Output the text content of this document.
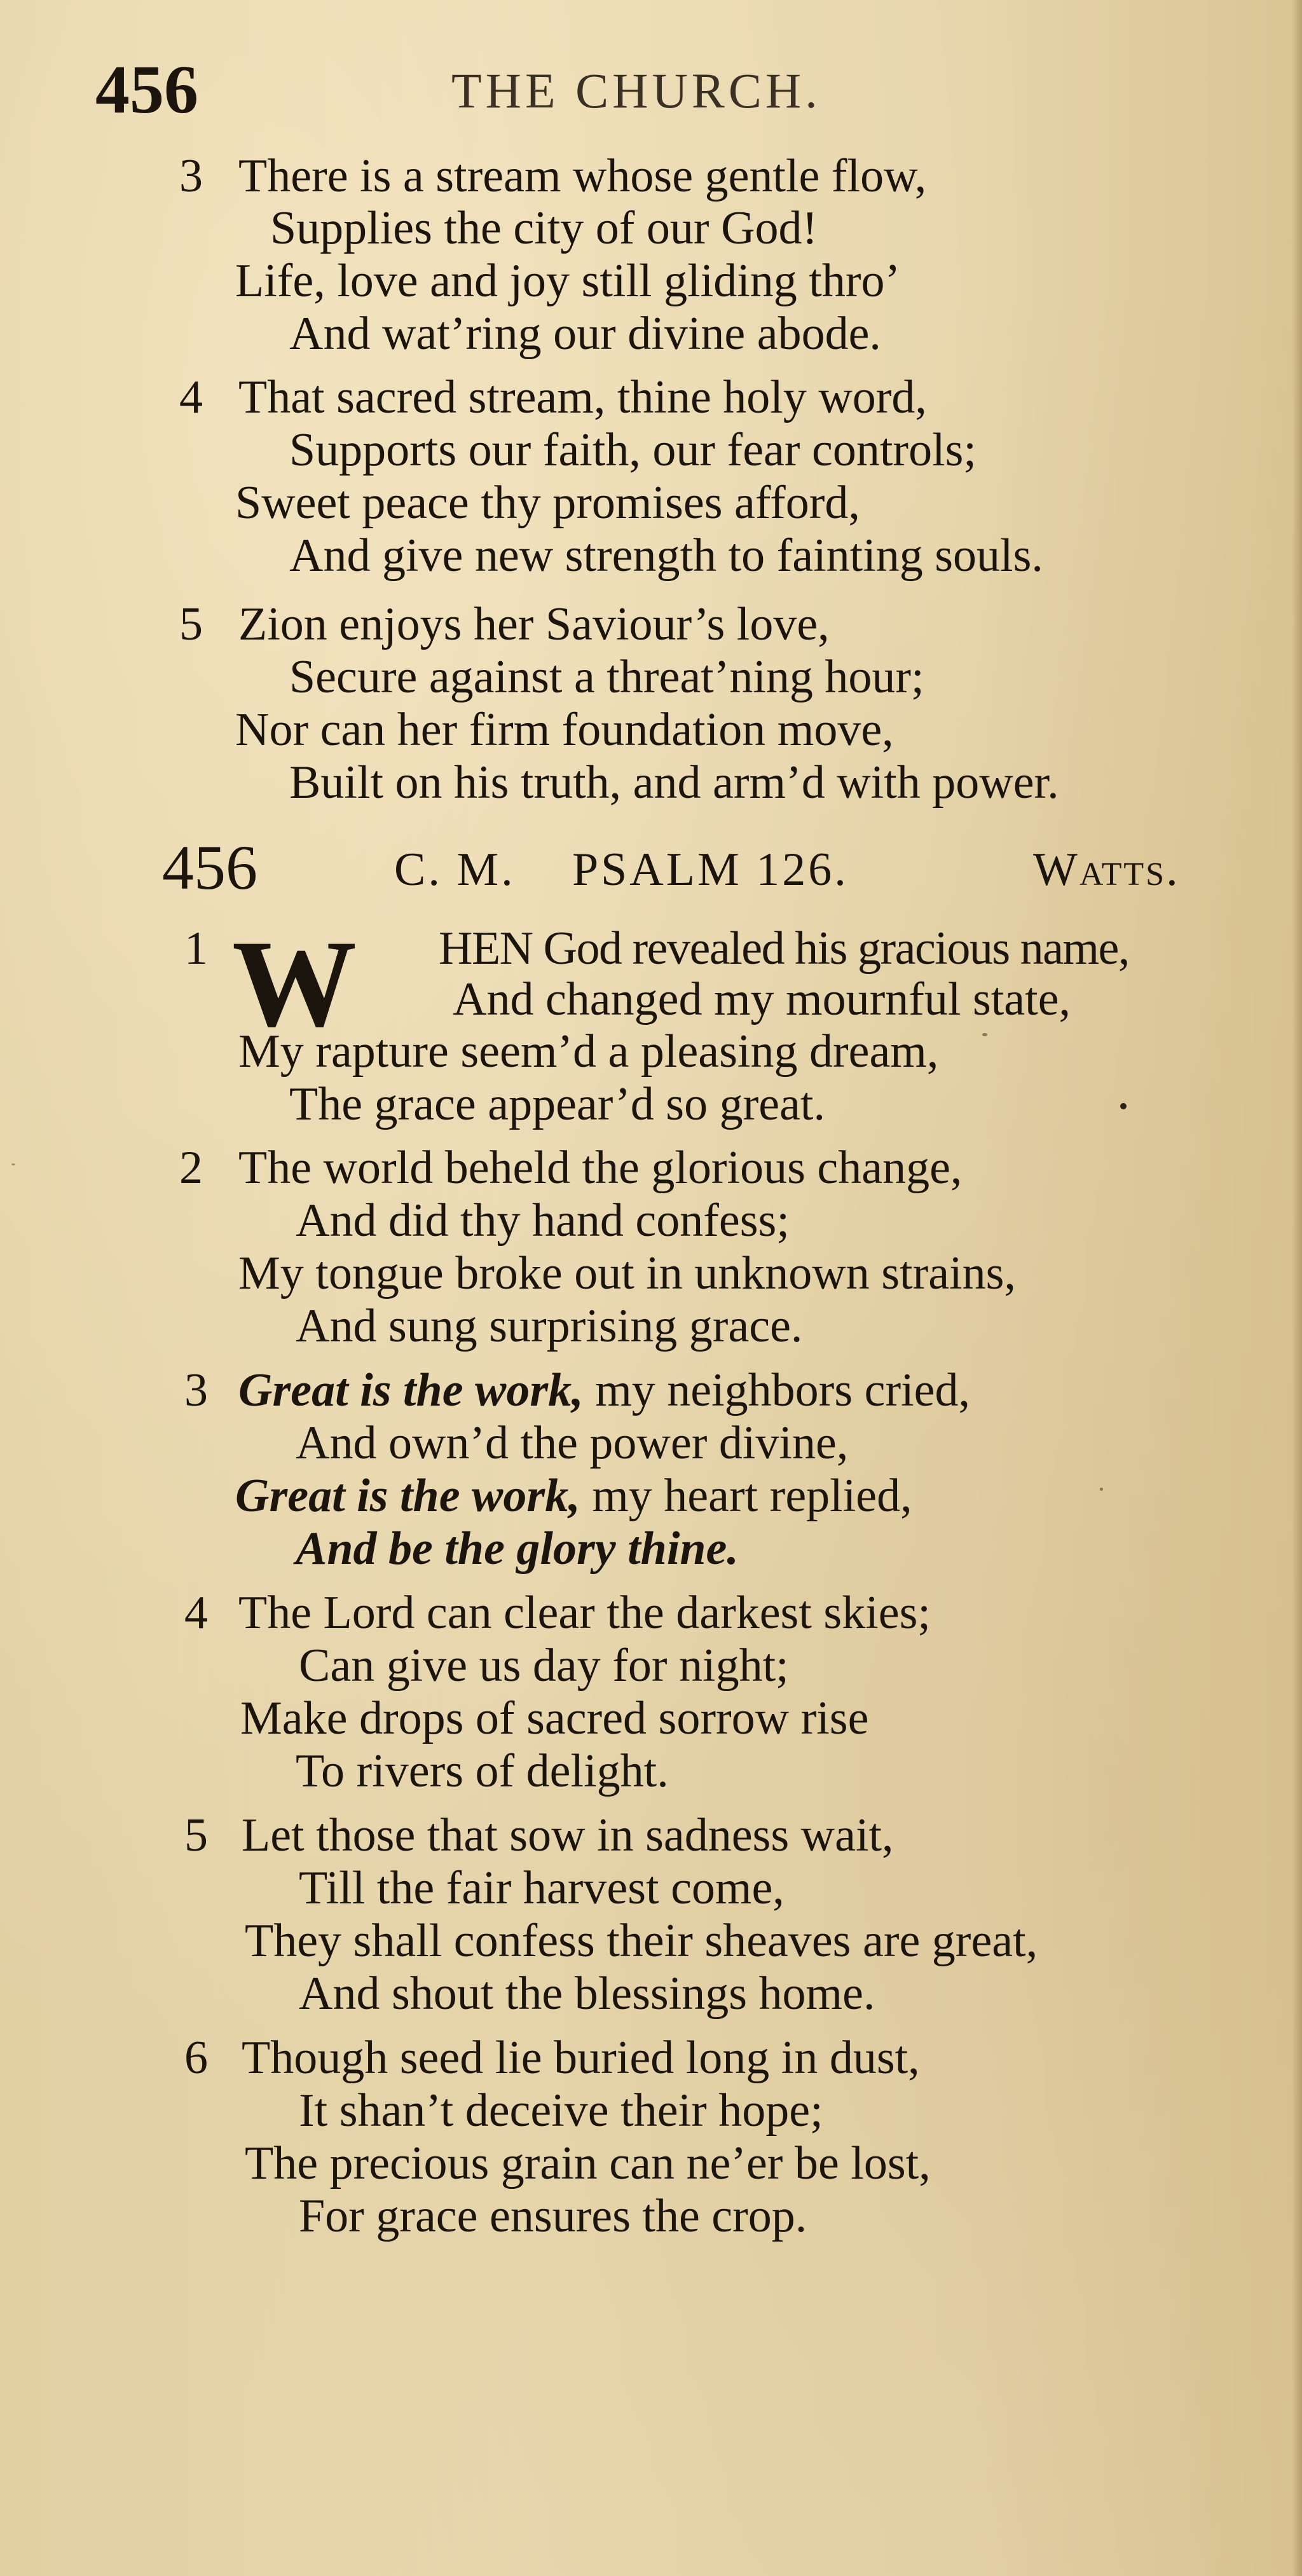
456	THE CHURCH.
3 There is a stream whose gentle flow,
Supplies the city of our God!
Life, love and joy still gliding thro’
And wat’ring our divine abode.
4 That sacred stream, thine holy word,
Supports our faith, our fear controls;
Sweet peace thy promises afford,
And give new strength to fainting souls.
5 Zion enjoys her Saviour’s love,
Secure against a threat’ning hour;
Nor can her firm foundation move,
Built on his truth, and arm’d with power.
456	C. M. PSALM 126.	Watts.
1 W HEN God revealed his gracious name,
And changed my mournful state,
My rapture seem’d a pleasing dream,
The grace appear’d so great.
2 The world beheld the glorious change,
And did thy hand confess;
My tongue broke out in unknown strains,
And sung surprising grace.
3 Great is the work, my neighbors cried,
And own’d the power divine,
Great is the work, my heart replied,
And be the glory thine.
4 The Lord can clear the darkest skies;
Can give us day for night;
Make drops of sacred sorrow rise
To rivers of delight.
5 Let those that sow in sadness wait,
Till the fair harvest come,
They shall confess their sheaves are great,
And shout the blessings home.
6 Though seed lie buried long in dust,
It shan’t deceive their hope;
The precious grain can ne’er be lost,
For grace ensures the crop.
